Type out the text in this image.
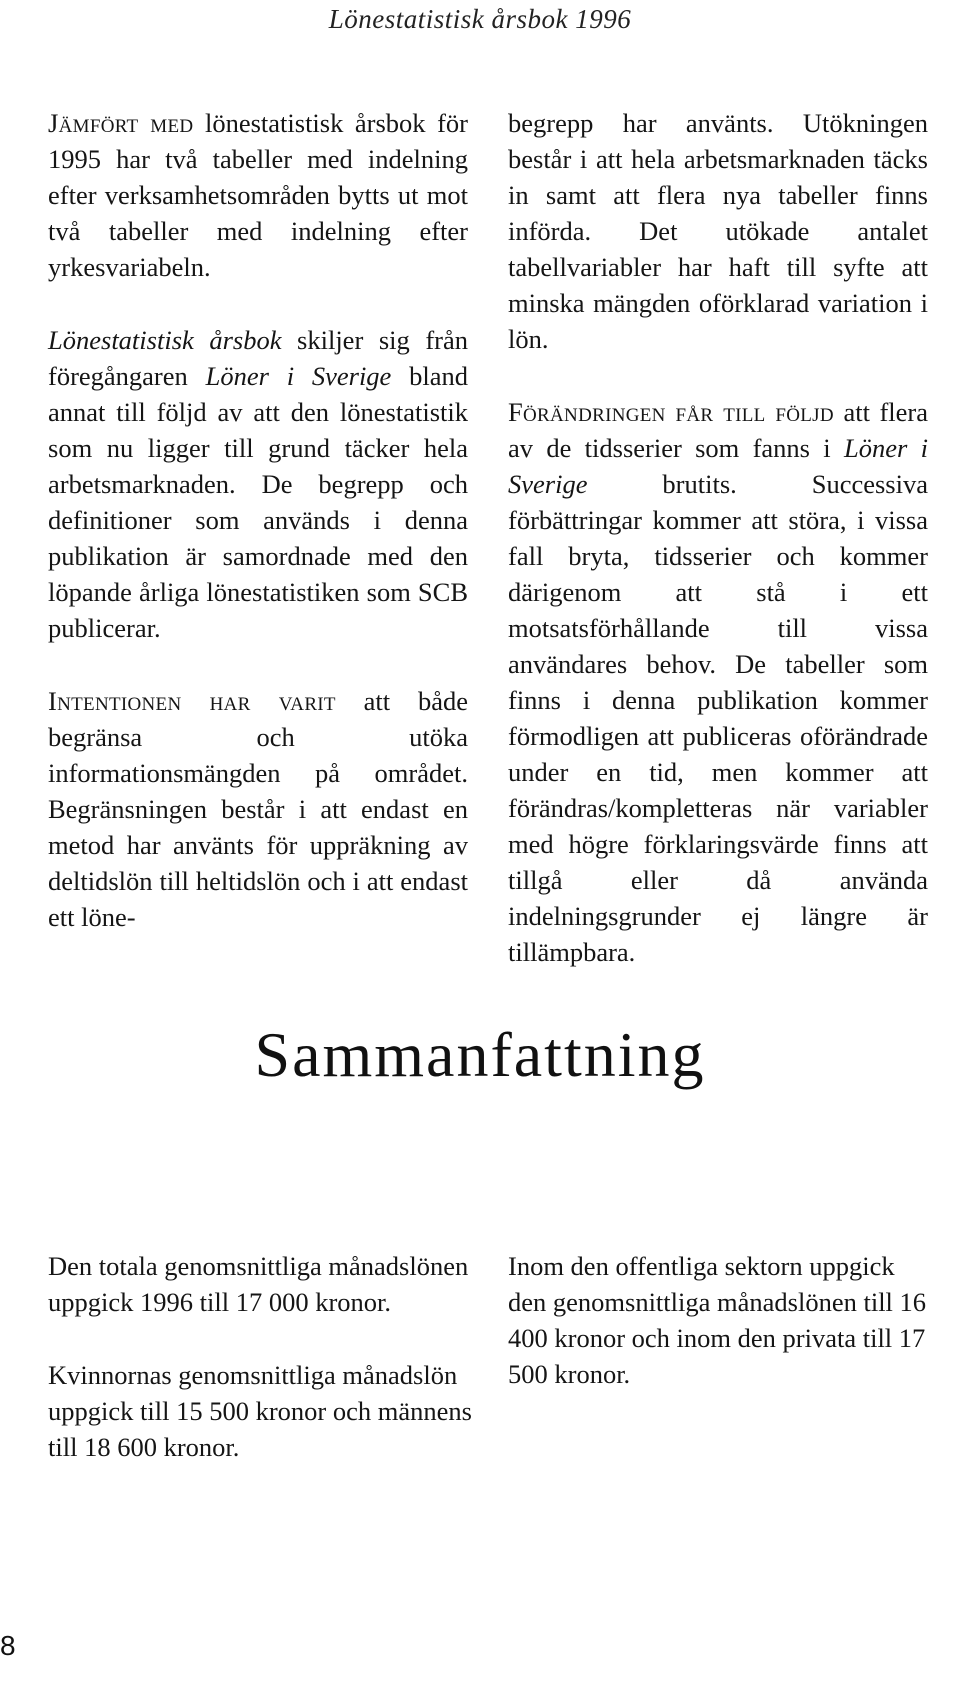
Lönestatistisk årsbok 1996

Jämfört med lönestatistisk årsbok för 1995 har två tabeller med indelning efter verksamhetsområden bytts ut mot två tabeller med indelning efter yrkesvariabeln.

Lönestatistisk årsbok skiljer sig från föregångaren Löner i Sverige bland annat till följd av att den lönestatistik som nu ligger till grund täcker hela arbetsmarknaden. De begrepp och definitioner som används i denna publikation är samordnade med den löpande årliga lönestatistiken som SCB publicerar.

Intentionen har varit att både begränsa och utöka informationsmängden på området. Begränsningen består i att endast en metod har använts för uppräkning av deltidslön till heltidslön och i att endast ett löne-

begrepp har använts. Utökningen består i att hela arbetsmarknaden täcks in samt att flera nya tabeller finns införda. Det utökade antalet tabellvariabler har haft till syfte att minska mängden oförklarad variation i lön.

Förändringen får till följd att flera av de tidsserier som fanns i Löner i Sverige brutits. Successiva förbättringar kommer att störa, i vissa fall bryta, tidsserier och kommer därigenom att stå i ett motsatsförhållande till vissa användares behov. De tabeller som finns i denna publikation kommer förmodligen att publiceras oförändrade under en tid, men kommer att förändras/kompletteras när variabler med högre förklaringsvärde finns att tillgå eller då använda indelningsgrunder ej längre är tillämpbara.

Sammanfattning

Den totala genomsnittliga månadslönen uppgick 1996 till 17 000 kronor.

Kvinnornas genomsnittliga månadslön uppgick till 15 500 kronor och männens till 18 600 kronor.

Inom den offentliga sektorn uppgick den genomsnittliga månadslönen till 16 400 kronor och inom den privata till 17 500 kronor.

8
